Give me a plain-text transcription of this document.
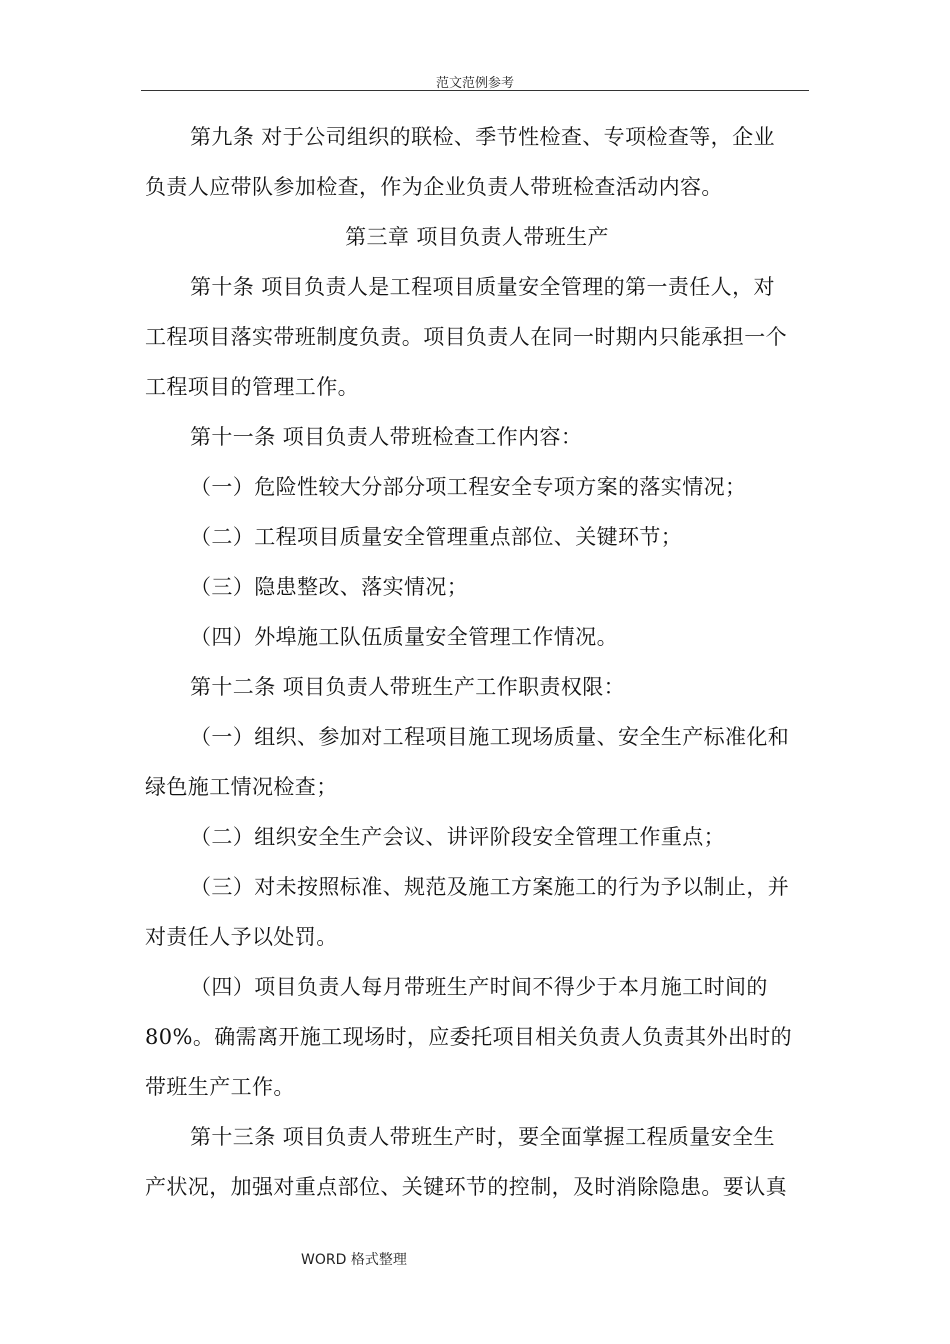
范文范例参考
第九条 对于公司组织的联检、季节性检查、专项检查等，企业
负责人应带队参加检查，作为企业负责人带班检查活动内容。
第三章 项目负责人带班生产
第十条 项目负责人是工程项目质量安全管理的第一责任人，对
工程项目落实带班制度负责。项目负责人在同一时期内只能承担一个
工程项目的管理工作。
第十一条 项目负责人带班检查工作内容：
（一）危险性较大分部分项工程安全专项方案的落实情况；
（二）工程项目质量安全管理重点部位、关键环节；
（三）隐患整改、落实情况；
（四）外埠施工队伍质量安全管理工作情况。
第十二条 项目负责人带班生产工作职责权限：
（一）组织、参加对工程项目施工现场质量、安全生产标准化和
绿色施工情况检查；
（二）组织安全生产会议、讲评阶段安全管理工作重点；
（三）对未按照标准、规范及施工方案施工的行为予以制止，并
对责任人予以处罚。
（四）项目负责人每月带班生产时间不得少于本月施工时间的
80%。确需离开施工现场时，应委托项目相关负责人负责其外出时的
带班生产工作。
第十三条 项目负责人带班生产时，要全面掌握工程质量安全生
产状况，加强对重点部位、关键环节的控制，及时消除隐患。要认真
WORD 格式整理
